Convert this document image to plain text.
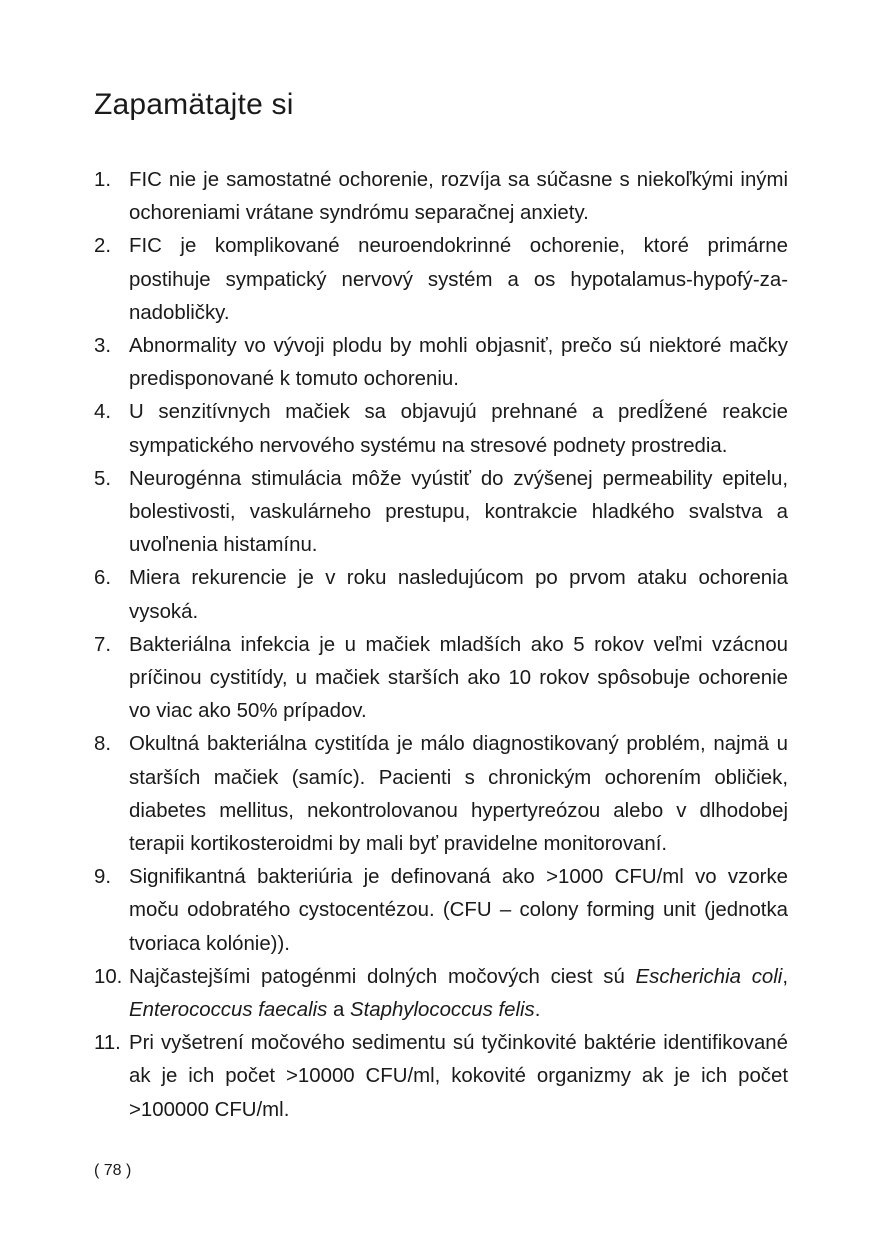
Zapamätajte si
1. FIC nie je samostatné ochorenie, rozvíja sa súčasne s niekoľkými inými ochoreniami vrátane syndrómu separačnej anxiety.
2. FIC je komplikované neuroendokrinné ochorenie, ktoré primárne postihuje sympatický nervový systém a os hypotalamus-hypofý-za-nadobličky.
3. Abnormality vo vývoji plodu by mohli objasniť, prečo sú niektoré mačky predisponované k tomuto ochoreniu.
4. U senzitívnych mačiek sa objavujú prehnané a predĺžené reakcie sympatického nervového systému na stresové podnety prostredia.
5. Neurogénna stimulácia môže vyústiť do zvýšenej permeability epitelu, bolestivosti, vaskulárneho prestupu, kontrakcie hladkého svalstva a uvoľnenia histamínu.
6. Miera rekurencie je v roku nasledujúcom po prvom ataku ochorenia vysoká.
7. Bakteriálna infekcia je u mačiek mladších ako 5 rokov veľmi vzácnou príčinou cystitídy, u mačiek starších ako 10 rokov spôsobuje ochorenie vo viac ako 50% prípadov.
8. Okultná bakteriálna cystitída je málo diagnostikovaný problém, najmä u starších mačiek (samíc). Pacienti s chronickým ochorením obličiek, diabetes mellitus, nekontrolovanou hypertyreózou alebo v dlhodobej terapii kortikosteroidmi by mali byť pravidelne monitorovaní.
9. Signifikantná bakteriúria je definovaná ako >1000 CFU/ml vo vzorke moču odobratého cystocentézou. (CFU – colony forming unit (jednotka tvoriaca kolónie)).
10. Najčastejšími patogénmi dolných močových ciest sú Escherichia coli, Enterococcus faecalis a Staphylococcus felis.
11. Pri vyšetrení močového sedimentu sú tyčinkovité baktérie identifikované ak je ich počet >10000 CFU/ml, kokovité organizmy ak je ich počet >100000 CFU/ml.
( 78 )
